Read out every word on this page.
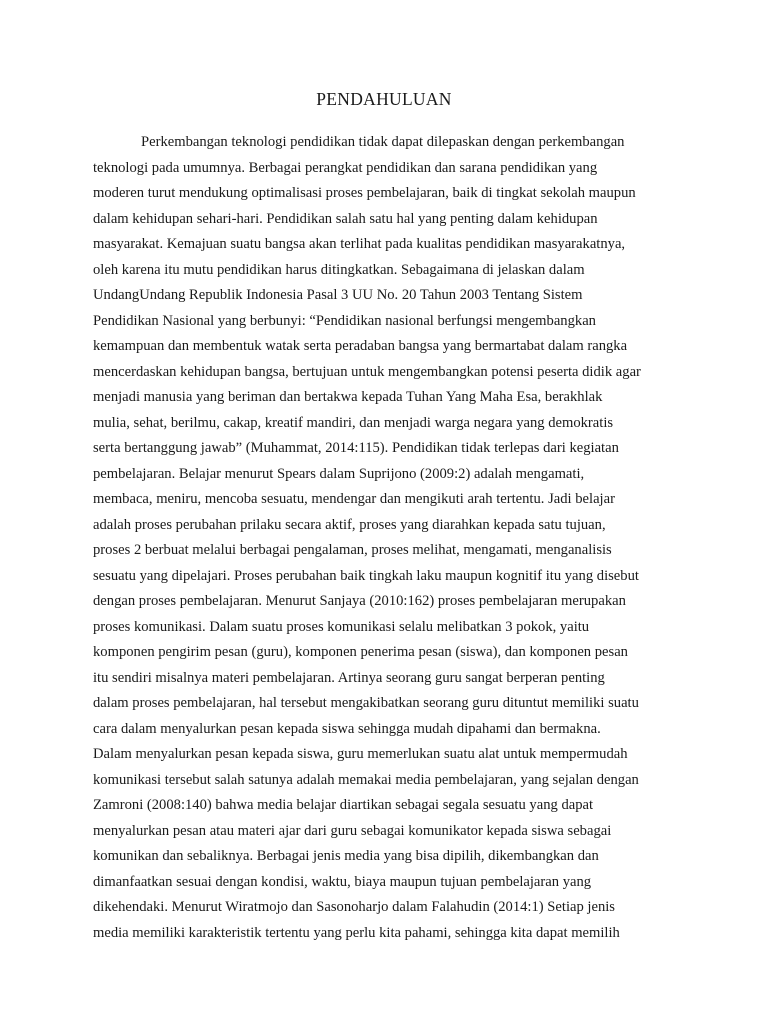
PENDAHULUAN
Perkembangan teknologi pendidikan tidak dapat dilepaskan dengan perkembangan
teknologi pada umumnya. Berbagai perangkat pendidikan dan sarana pendidikan yang
moderen turut mendukung optimalisasi proses pembelajaran, baik di tingkat sekolah maupun
dalam kehidupan sehari-hari. Pendidikan salah satu hal yang penting dalam kehidupan
masyarakat. Kemajuan suatu bangsa akan terlihat pada kualitas pendidikan masyarakatnya,
oleh karena itu mutu pendidikan harus ditingkatkan. Sebagaimana di jelaskan dalam
UndangUndang Republik Indonesia Pasal 3 UU No. 20 Tahun 2003 Tentang Sistem
Pendidikan Nasional yang berbunyi: “Pendidikan nasional berfungsi mengembangkan
kemampuan dan membentuk watak serta peradaban bangsa yang bermartabat dalam rangka
mencerdaskan kehidupan bangsa, bertujuan untuk mengembangkan potensi peserta didik agar
menjadi manusia yang beriman dan bertakwa kepada Tuhan Yang Maha Esa, berakhlak
mulia, sehat, berilmu, cakap, kreatif mandiri, dan menjadi warga negara yang demokratis
serta bertanggung jawab” (Muhammat, 2014:115). Pendidikan tidak terlepas dari kegiatan
pembelajaran. Belajar menurut Spears dalam Suprijono (2009:2) adalah mengamati,
membaca, meniru, mencoba sesuatu, mendengar dan mengikuti arah tertentu. Jadi belajar
adalah proses perubahan prilaku secara aktif, proses yang diarahkan kepada satu tujuan,
proses 2 berbuat melalui berbagai pengalaman, proses melihat, mengamati, menganalisis
sesuatu yang dipelajari. Proses perubahan baik tingkah laku maupun kognitif itu yang disebut
dengan proses pembelajaran. Menurut Sanjaya (2010:162) proses pembelajaran merupakan
proses komunikasi. Dalam suatu proses komunikasi selalu melibatkan 3 pokok, yaitu
komponen pengirim pesan (guru), komponen penerima pesan (siswa), dan komponen pesan
itu sendiri misalnya materi pembelajaran. Artinya seorang guru sangat berperan penting
dalam proses pembelajaran, hal tersebut mengakibatkan seorang guru dituntut memiliki suatu
cara dalam menyalurkan pesan kepada siswa sehingga mudah dipahami dan bermakna.
Dalam menyalurkan pesan kepada siswa, guru memerlukan suatu alat untuk mempermudah
komunikasi tersebut salah satunya adalah memakai media pembelajaran, yang sejalan dengan
Zamroni (2008:140) bahwa media belajar diartikan sebagai segala sesuatu yang dapat
menyalurkan pesan atau materi ajar dari guru sebagai komunikator kepada siswa sebagai
komunikan dan sebaliknya. Berbagai jenis media yang bisa dipilih, dikembangkan dan
dimanfaatkan sesuai dengan kondisi, waktu, biaya maupun tujuan pembelajaran yang
dikehendaki. Menurut Wiratmojo dan Sasonoharjo dalam Falahudin (2014:1) Setiap jenis
media memiliki karakteristik tertentu yang perlu kita pahami, sehingga kita dapat memilih
